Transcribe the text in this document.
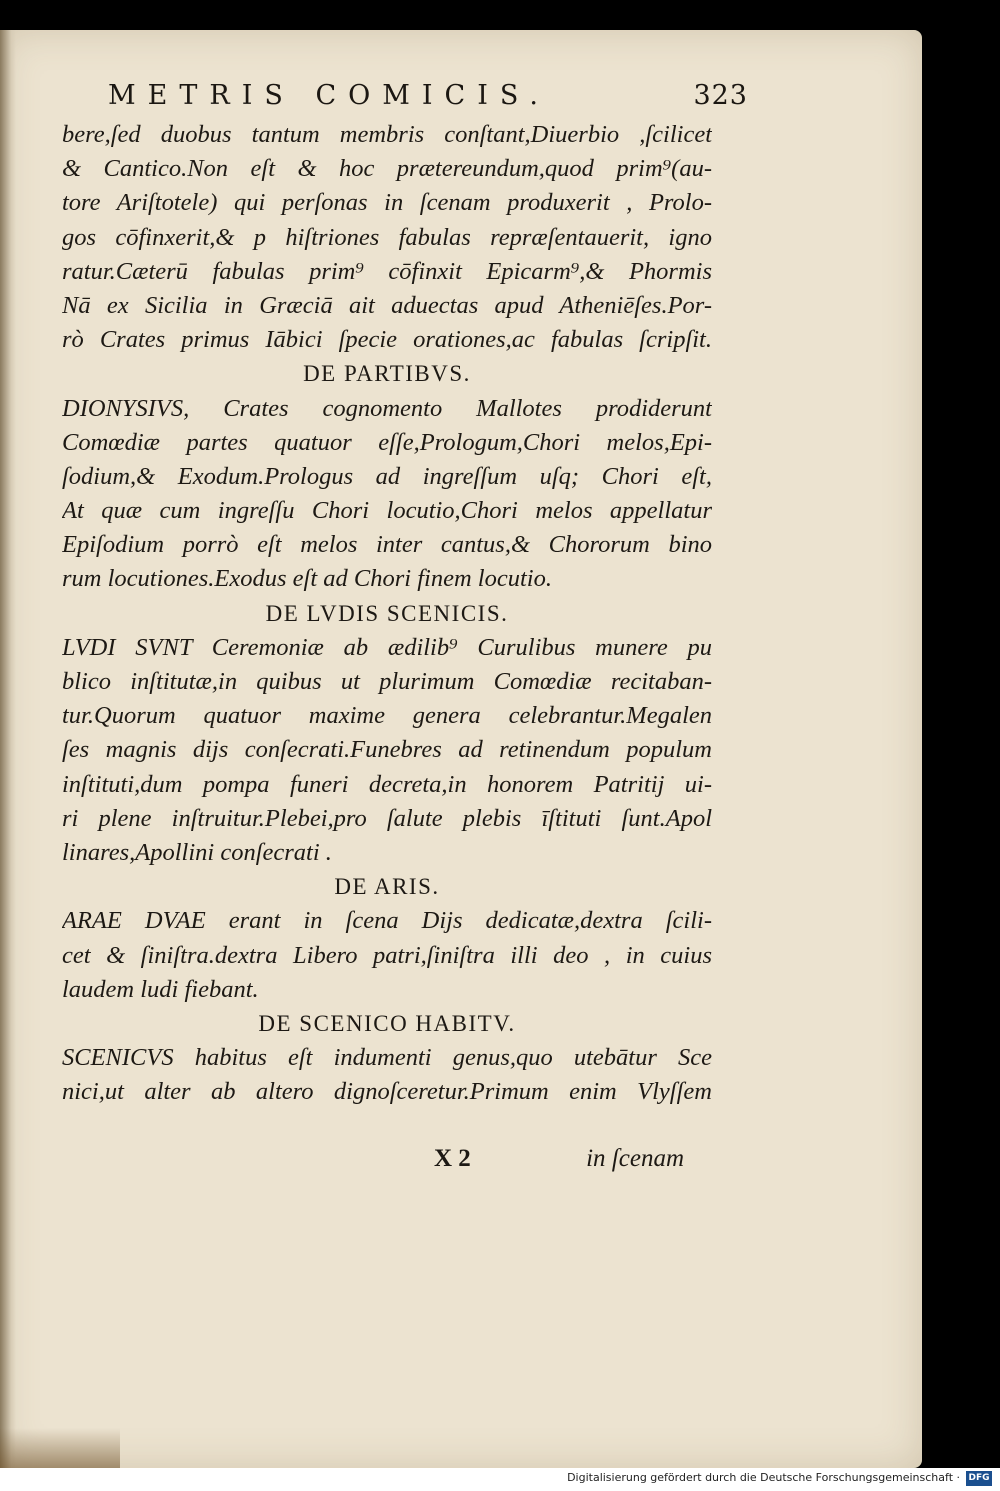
METRIS COMICIS.	323
bere,ſed duobus tantum membris conſtant,Diuerbio ,ſcilicet
& Cantico.Non eſt & hoc prætereundum,quod prim⁹(au-
tore Ariſtotele) qui perſonas in ſcenam produxerit , Prolo-
gos cōfinxerit,& p hiſtriones fabulas repræſentauerit, igno
ratur.Cæterū fabulas prim⁹ cōfinxit Epicarm⁹,& Phormis
Nā ex Sicilia in Græciā ait aduectas apud Atheniēſes.Por-
rò Crates primus Iābici ſpecie orationes,ac fabulas ſcripſit.
DE PARTIBVS.
DIONYSIVS, Crates cognomento Mallotes prodiderunt
Comœdiæ partes quatuor eſſe,Prologum,Chori melos,Epi-
ſodium,& Exodum.Prologus ad ingreſſum uſq; Chori eſt,
At quæ cum ingreſſu Chori locutio,Chori melos appellatur
Epiſodium porrò eſt melos inter cantus,& Chororum bino
rum locutiones.Exodus eſt ad Chori finem locutio.
DE LVDIS SCENICIS.
LVDI SVNT Ceremoniæ ab ædilib⁹ Curulibus munere pu
blico inſtitutæ,in quibus ut plurimum Comœdiæ recitaban-
tur.Quorum quatuor maxime genera celebrantur.Megalen
ſes magnis dijs conſecrati.Funebres ad retinendum populum
inſtituti,dum pompa funeri decreta,in honorem Patritij ui-
ri plene inſtruitur.Plebei,pro ſalute plebis īſtituti ſunt.Apol
linares,Apollini conſecrati .
DE ARIS.
ARAE DVAE erant in ſcena Dijs dedicatæ,dextra ſcili-
cet & ſiniſtra.dextra Libero patri,ſiniſtra illi deo , in cuius
laudem ludi fiebant.
DE SCENICO HABITV.
SCENICVS habitus eſt indumenti genus,quo utebātur Sce
nici,ut alter ab altero dignoſceretur.Primum enim Vlyſſem
X 2	in ſcenam
Digitalisierung gefördert durch die Deutsche Forschungsgemeinschaft · DFG
